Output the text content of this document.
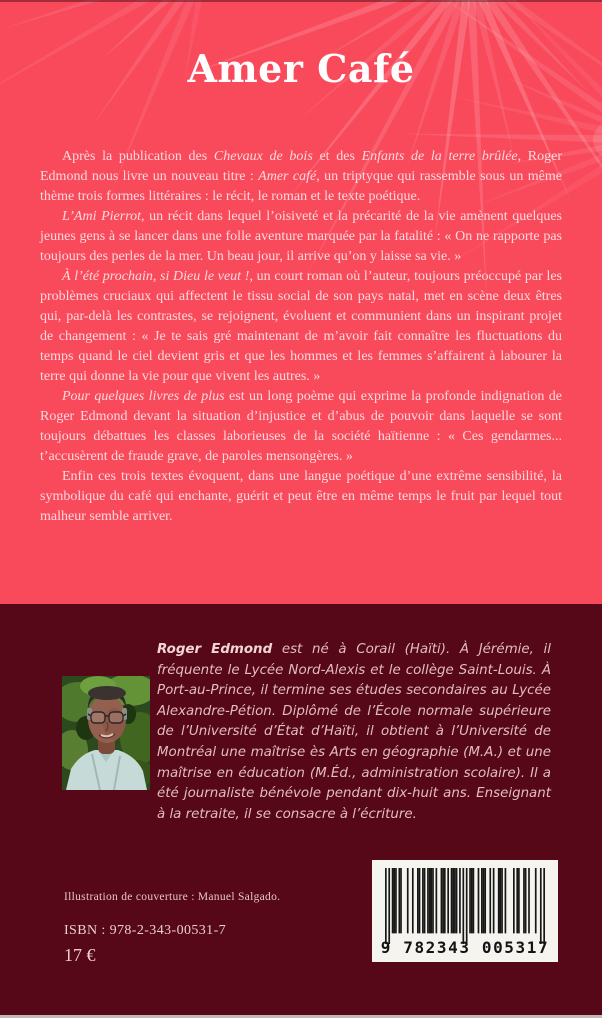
Amer Café

Après la publication des Chevaux de bois et des Enfants de la terre brûlée, Roger Edmond nous livre un nouveau titre : Amer café, un triptyque qui rassemble sous un même thème trois formes littéraires : le récit, le roman et le texte poétique.

L’Ami Pierrot, un récit dans lequel l’oisiveté et la précarité de la vie amènent quelques jeunes gens à se lancer dans une folle aventure marquée par la fatalité : « On ne rapporte pas toujours des perles de la mer. Un beau jour, il arrive qu’on y laisse sa vie. »

À l’été prochain, si Dieu le veut !, un court roman où l’auteur, toujours préoccupé par les problèmes cruciaux qui affectent le tissu social de son pays natal, met en scène deux êtres qui, par-delà les contrastes, se rejoignent, évoluent et communient dans un inspirant projet de changement : « Je te sais gré maintenant de m’avoir fait connaître les fluctuations du temps quand le ciel devient gris et que les hommes et les femmes s’affairent à labourer la terre qui donne la vie pour que vivent les autres. »

Pour quelques livres de plus est un long poème qui exprime la profonde indignation de Roger Edmond devant la situation d’injustice et d’abus de pouvoir dans laquelle se sont toujours débattues les classes laborieuses de la société haïtienne : « Ces gendarmes... t’accusèrent de fraude grave, de paroles mensongères. »

Enfin ces trois textes évoquent, dans une langue poétique d’une extrême sensibilité, la symbolique du café qui enchante, guérit et peut être en même temps le fruit par lequel tout malheur semble arriver.

Roger Edmond est né à Corail (Haïti). À Jérémie, il fréquente le Lycée Nord-Alexis et le collège Saint-Louis. À Port-au-Prince, il termine ses études secondaires au Lycée Alexandre-Pétion. Diplômé de l’École normale supérieure de l’Université d’État d’Haïti, il obtient à l’Université de Montréal une maîtrise ès Arts en géographie (M.A.) et une maîtrise en éducation (M.Éd., administration scolaire). Il a été journaliste bénévole pendant dix-huit ans. Enseignant à la retraite, il se consacre à l’écriture.

Illustration de couverture : Manuel Salgado.
ISBN : 978-2-343-00531-7
17 €	9 782343 005317
